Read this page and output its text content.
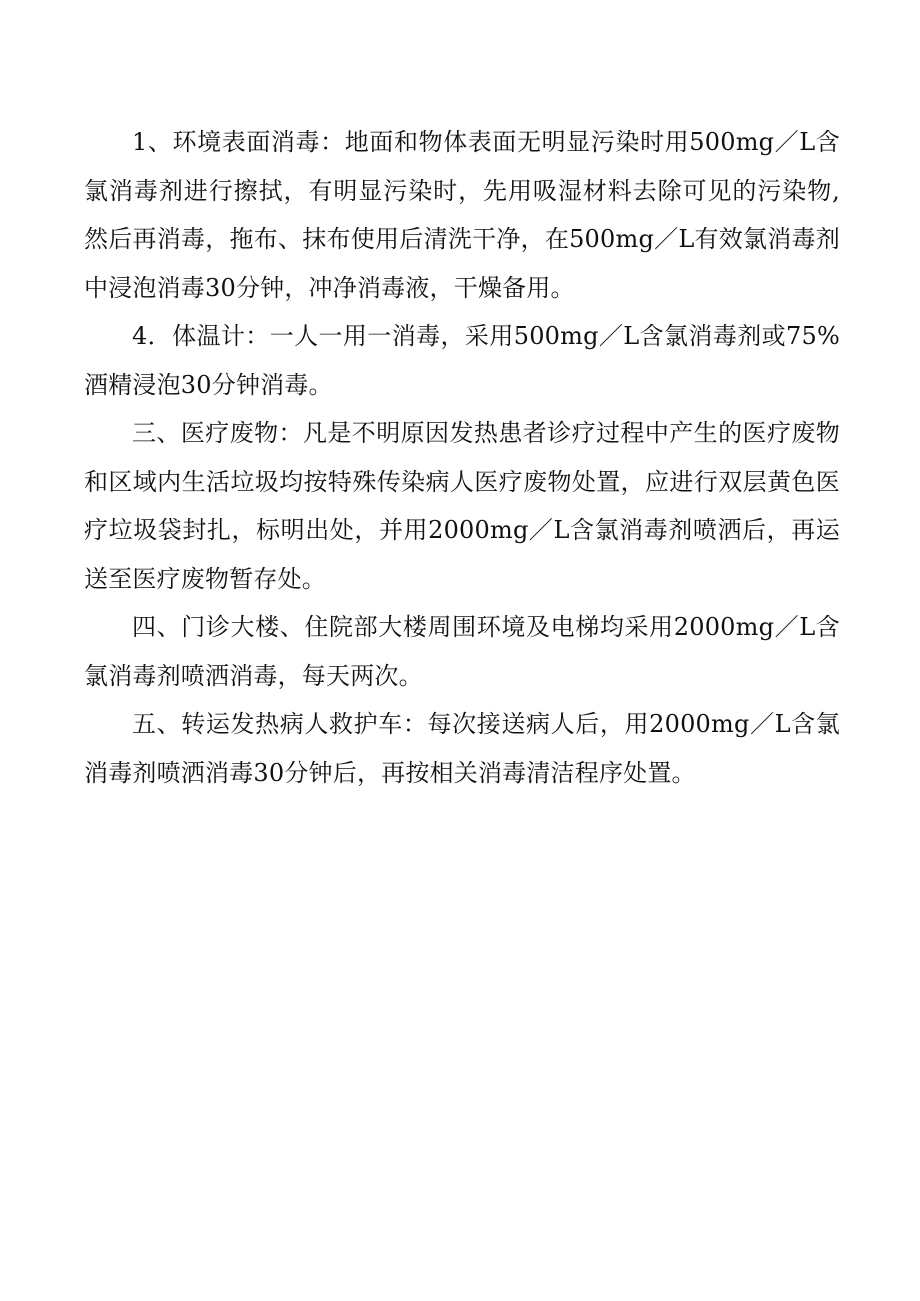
1、环境表面消毒：地面和物体表面无明显污染时用500mg／L含氯消毒剂进行擦拭，有明显污染时，先用吸湿材料去除可见的污染物,然后再消毒，拖布、抹布使用后清洗干净，在500mg／L有效氯消毒剂中浸泡消毒30分钟，冲净消毒液，干燥备用。

4．体温计：一人一用一消毒，采用500mg／L含氯消毒剂或75%酒精浸泡30分钟消毒。

三、医疗废物：凡是不明原因发热患者诊疗过程中产生的医疗废物和区域内生活垃圾均按特殊传染病人医疗废物处置，应进行双层黄色医疗垃圾袋封扎，标明出处，并用2000mg／L含氯消毒剂喷洒后，再运送至医疗废物暂存处。

四、门诊大楼、住院部大楼周围环境及电梯均采用2000mg／L含氯消毒剂喷洒消毒，每天两次。

五、转运发热病人救护车：每次接送病人后，用2000mg／L含氯消毒剂喷洒消毒30分钟后，再按相关消毒清洁程序处置。
